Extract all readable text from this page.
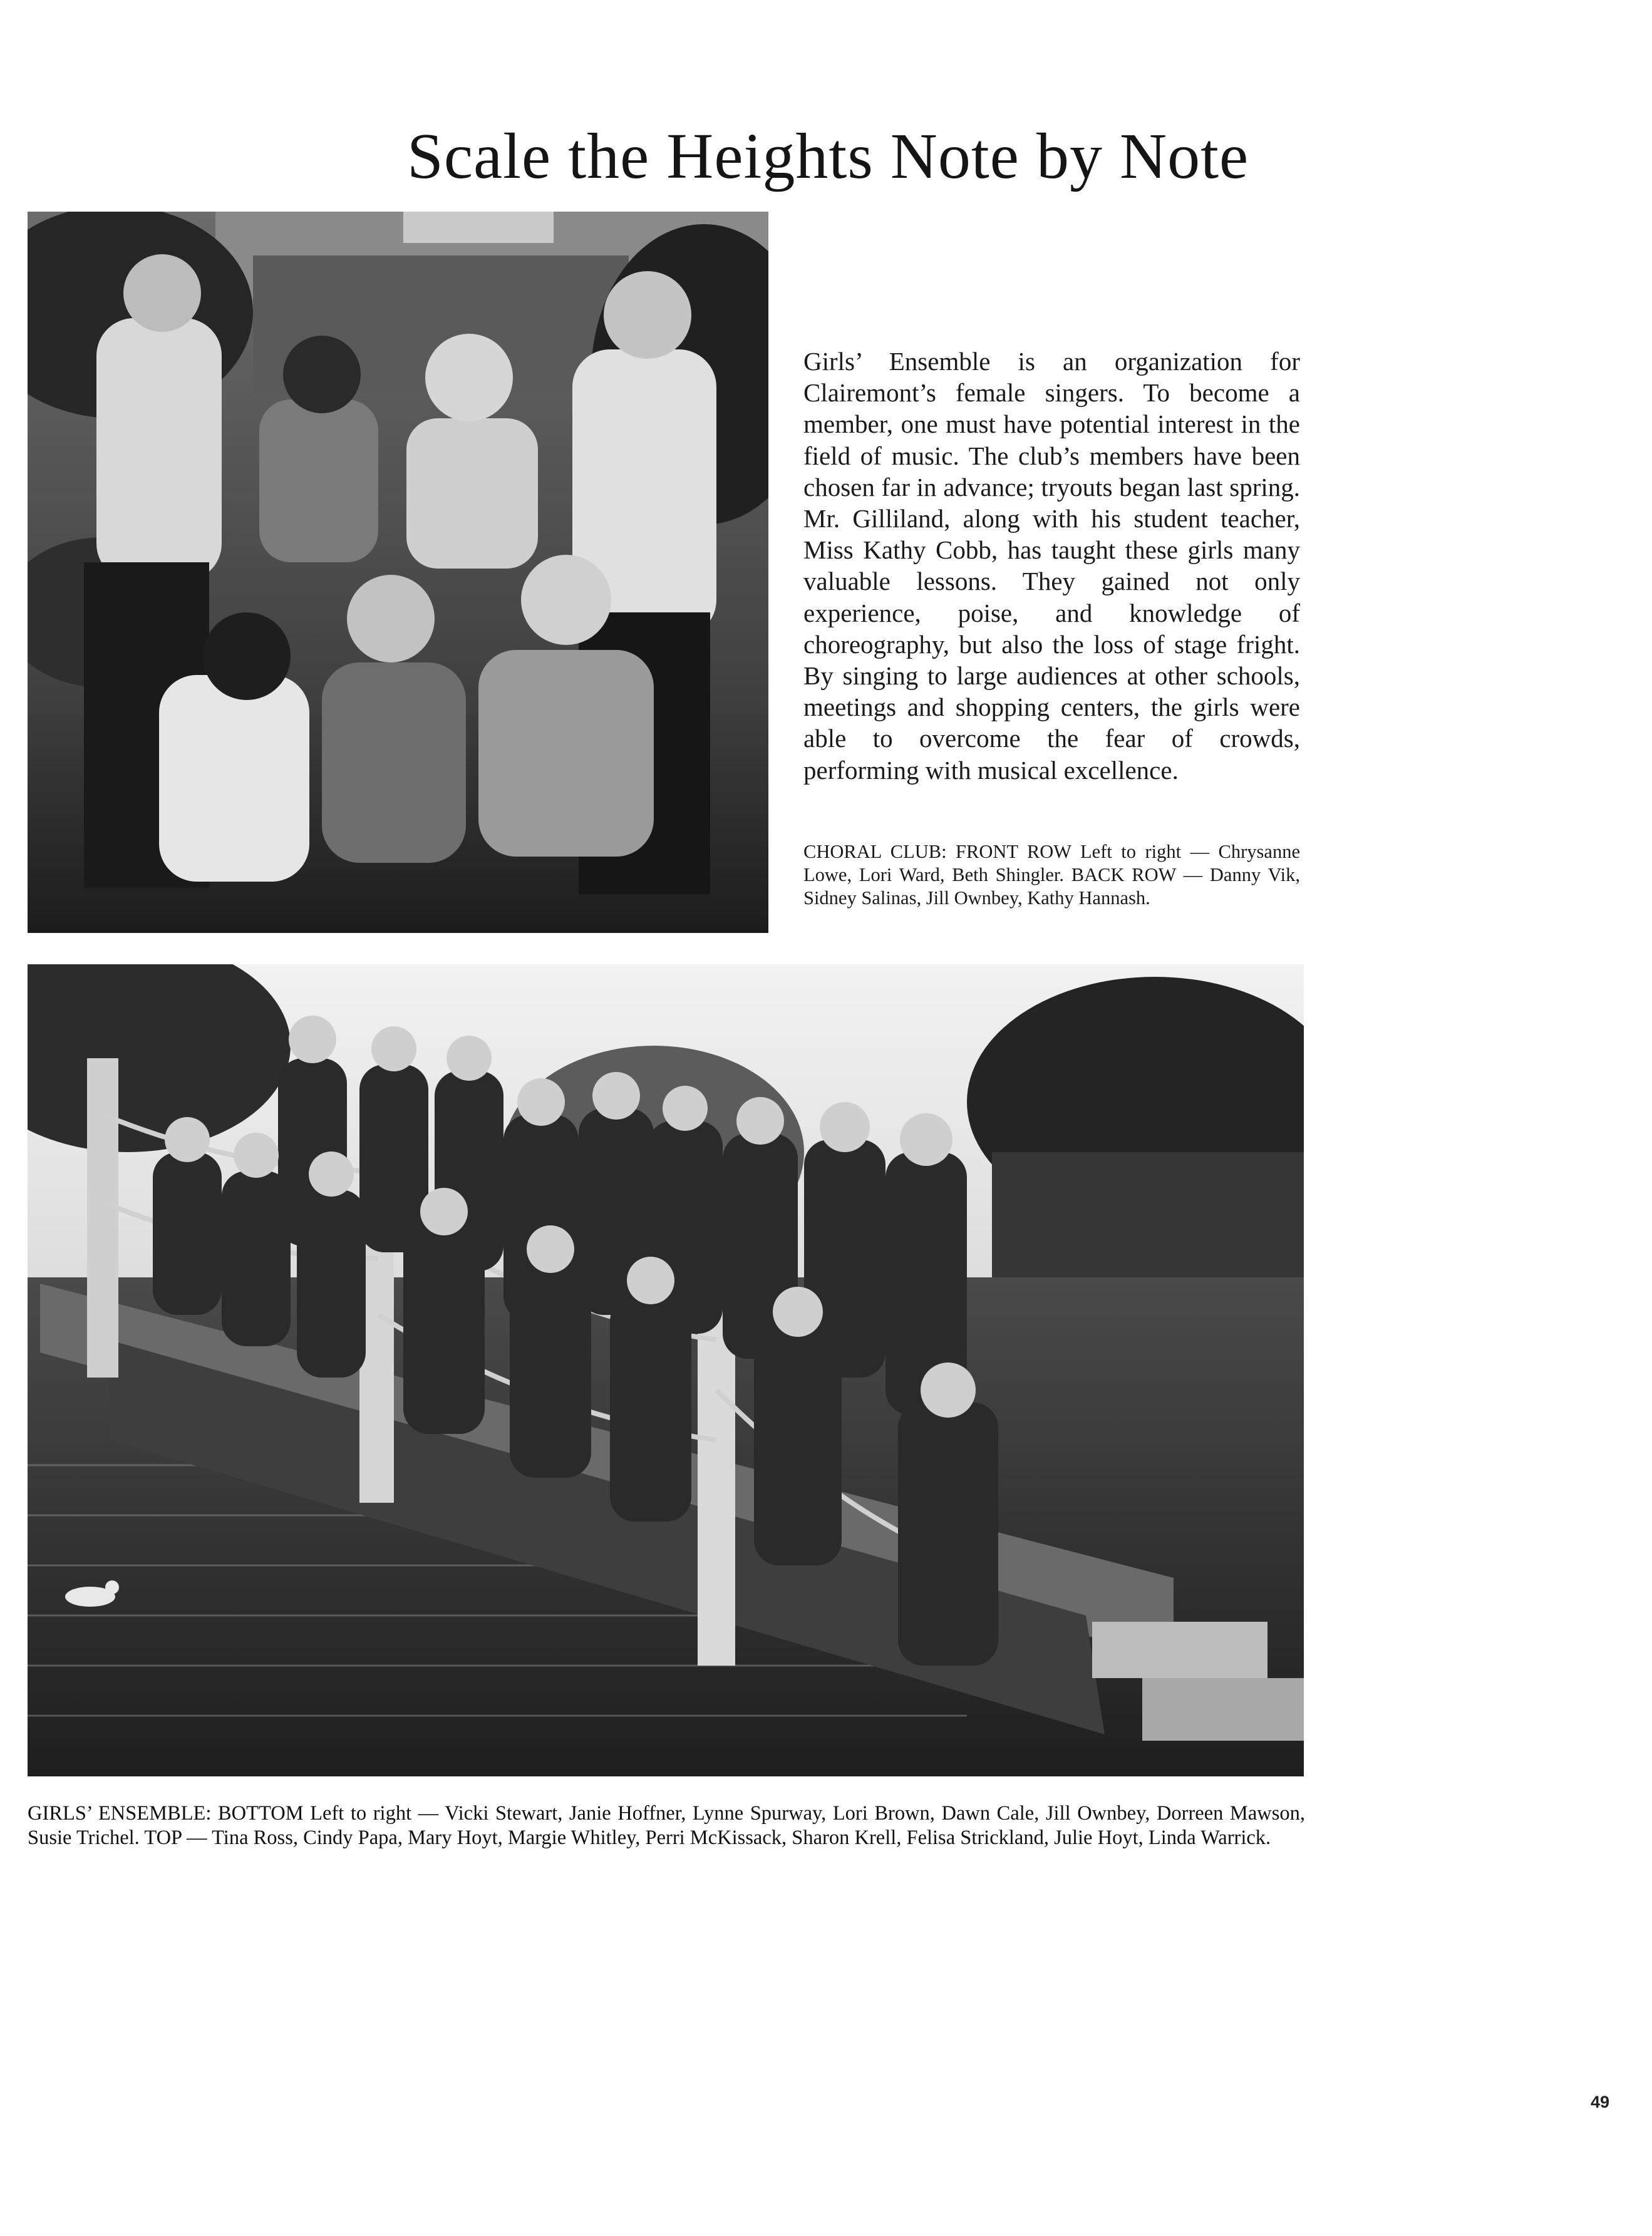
Scale the Heights Note by Note
Girls’ Ensemble is an organization for Clairemont’s female singers. To become a member, one must have potential interest in the field of music. The club’s members have been chosen far in advance; tryouts began last spring. Mr. Gilliland, along with his student teacher, Miss Kathy Cobb, has taught these girls many valuable lessons. They gained not only experience, poise, and knowledge of choreography, but also the loss of stage fright. By singing to large audiences at other schools, meetings and shopping centers, the girls were able to overcome the fear of crowds, performing with musical excellence.
CHORAL CLUB: FRONT ROW Left to right — Chrysanne Lowe, Lori Ward, Beth Shingler. BACK ROW — Danny Vik, Sidney Salinas, Jill Ownbey, Kathy Hannash.
GIRLS’ ENSEMBLE: BOTTOM Left to right — Vicki Stewart, Janie Hoffner, Lynne Spurway, Lori Brown, Dawn Cale, Jill Ownbey, Dorreen Mawson, Susie Trichel. TOP — Tina Ross, Cindy Papa, Mary Hoyt, Margie Whitley, Perri McKissack, Sharon Krell, Felisa Strickland, Julie Hoyt, Linda Warrick.
49
